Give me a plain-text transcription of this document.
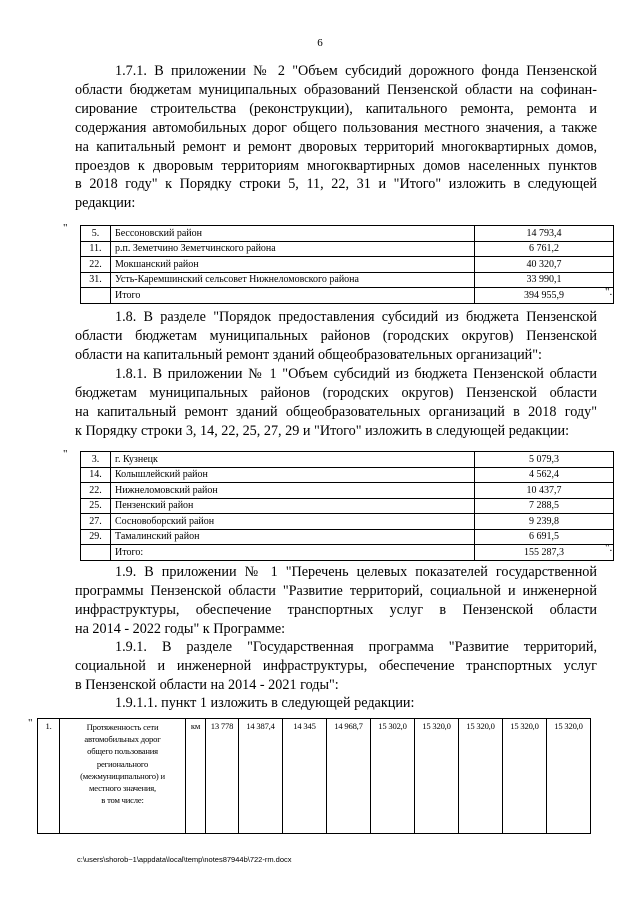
6
1.7.1. В приложении № 2 "Объем субсидий дорожного фонда Пензенской
области бюджетам муниципальных образований Пензенской области на софинан-
сирование строительства (реконструкции), капитального ремонта, ремонта и
содержания автомобильных дорог общего пользования местного значения, а также
на капитальный ремонт и ремонт дворовых территорий многоквартирных домов,
проездов к дворовым территориям многоквартирных домов населенных пунктов
в 2018 году" к Порядку строки 5, 11, 22, 31 и "Итого" изложить в следующей
редакции:
" 5.	Бессоновский район	14 793,4
11.	р.п. Земетчино Земетчинского района	6 761,2
22.	Мокшанский район	40 320,7
31.	Усть-Каремшинский сельсовет Нижнеломовского района	33 990,1
	Итого	394 955,9	".
1.8. В разделе "Порядок предоставления субсидий из бюджета Пензенской
области бюджетам муниципальных районов (городских округов) Пензенской
области на капитальный ремонт зданий общеобразовательных организаций":
1.8.1. В приложении № 1 "Объем субсидий из бюджета Пензенской области
бюджетам муниципальных районов (городских округов) Пензенской области
на капитальный ремонт зданий общеобразовательных организаций в 2018 году"
к Порядку строки 3, 14, 22, 25, 27, 29 и "Итого" изложить в следующей редакции:
" 3.	г. Кузнецк	5 079,3
14.	Колышлейский район	4 562,4
22.	Нижнеломовский район	10 437,7
25.	Пензенский район	7 288,5
27.	Сосновоборский район	9 239,8
29.	Тамалинский район	6 691,5
	Итого:	155 287,3	".
1.9. В приложении № 1 "Перечень целевых показателей государственной
программы Пензенской области "Развитие территорий, социальной и инженерной
инфраструктуры, обеспечение транспортных услуг в Пензенской области
на 2014 - 2022 годы" к Программе:
1.9.1. В разделе "Государственная программа "Развитие территорий,
социальной и инженерной инфраструктуры, обеспечение транспортных услуг
в Пензенской области на 2014 - 2021 годы":
1.9.1.1. пункт 1 изложить в следующей редакции:
" 1.	Протяженность сети
автомобильных дорог
общего пользования
регионального
(межмуниципального) и
местного значения,
в том числе:
	км	13 778	14 387,4	14 345	14 968,7	15 302,0	15 320,0	15 320,0	15 320,0	15 320,0
c:\users\shorob~1\appdata\local\temp\notes87944b\722-rm.docx
